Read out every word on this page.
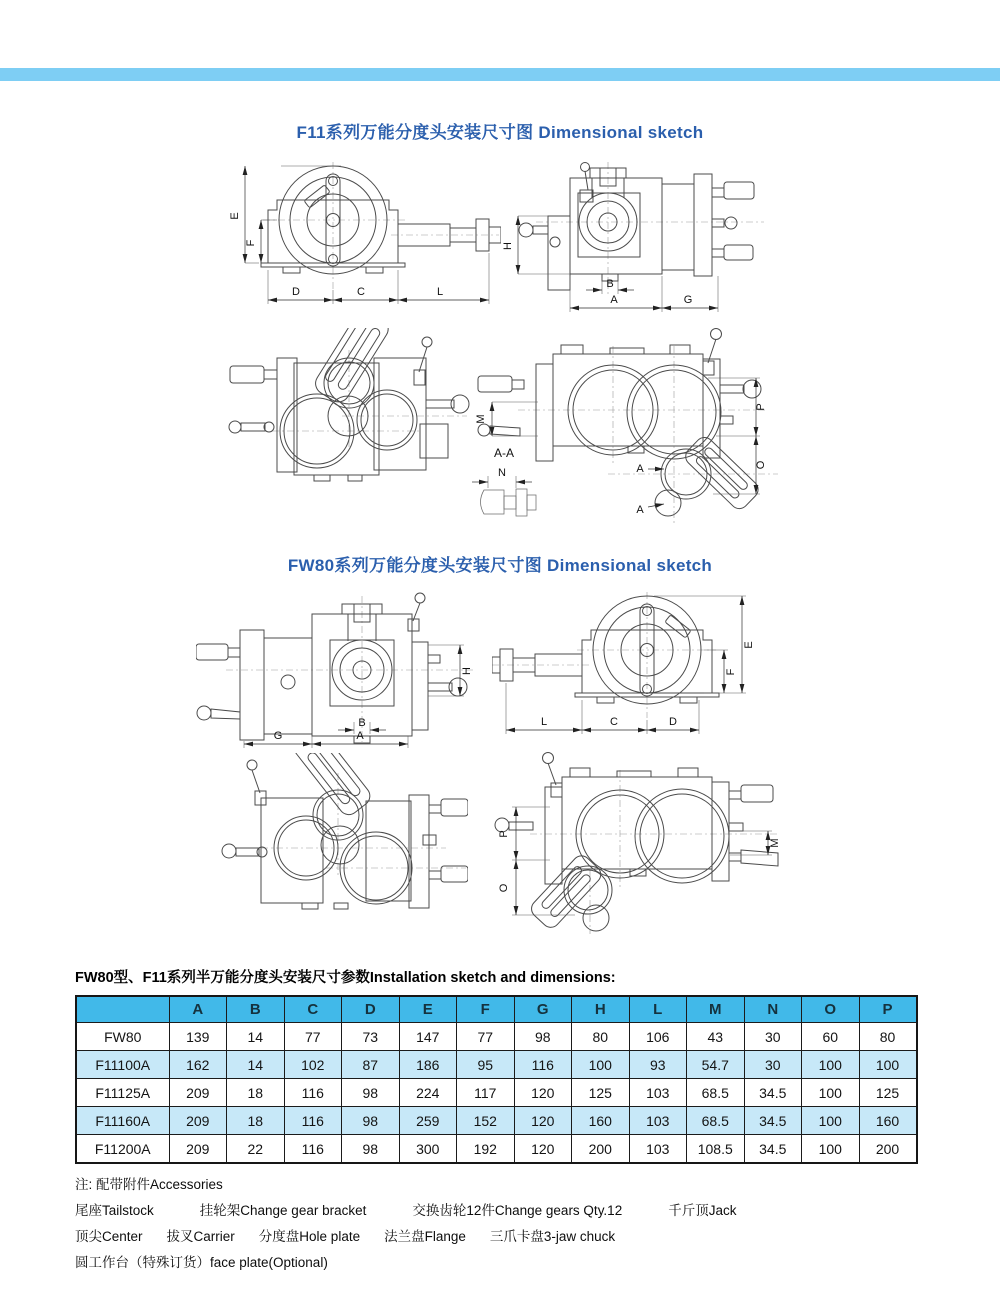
F11系列万能分度头安装尺寸图 Dimensional sketch
E
F
D	C	L
H
B
A	G
M
P
O
A-A
N	A
A
FW80系列万能分度头安装尺寸图 Dimensional sketch
G	A
B
H
L	C	D
F
E
P
O
M
FW80型、F11系列半万能分度头安装尺寸参数Installation sketch and dimensions:
	A	B	C	D	E	F	G	H	L	M	N	O	P
FW80	139	14	77	73	147	77	98	80	106	43	30	60	80
F11100A	162	14	102	87	186	95	116	100	93	54.7	30	100	100
F11125A	209	18	116	98	224	117	120	125	103	68.5	34.5	100	125
F11160A	209	18	116	98	259	152	120	160	103	68.5	34.5	100	160
F11200A	209	22	116	98	300	192	120	200	103	108.5	34.5	100	200
注: 配带附件Accessories
尾座Tailstock	挂轮架Change gear bracket	交换齿轮12件Change gears Qty.12	千斤顶Jack
顶尖Center 拔叉Carrier 分度盘Hole plate 法兰盘Flange 三爪卡盘3-jaw chuck
圆工作台（特殊订货）face plate(Optional)
